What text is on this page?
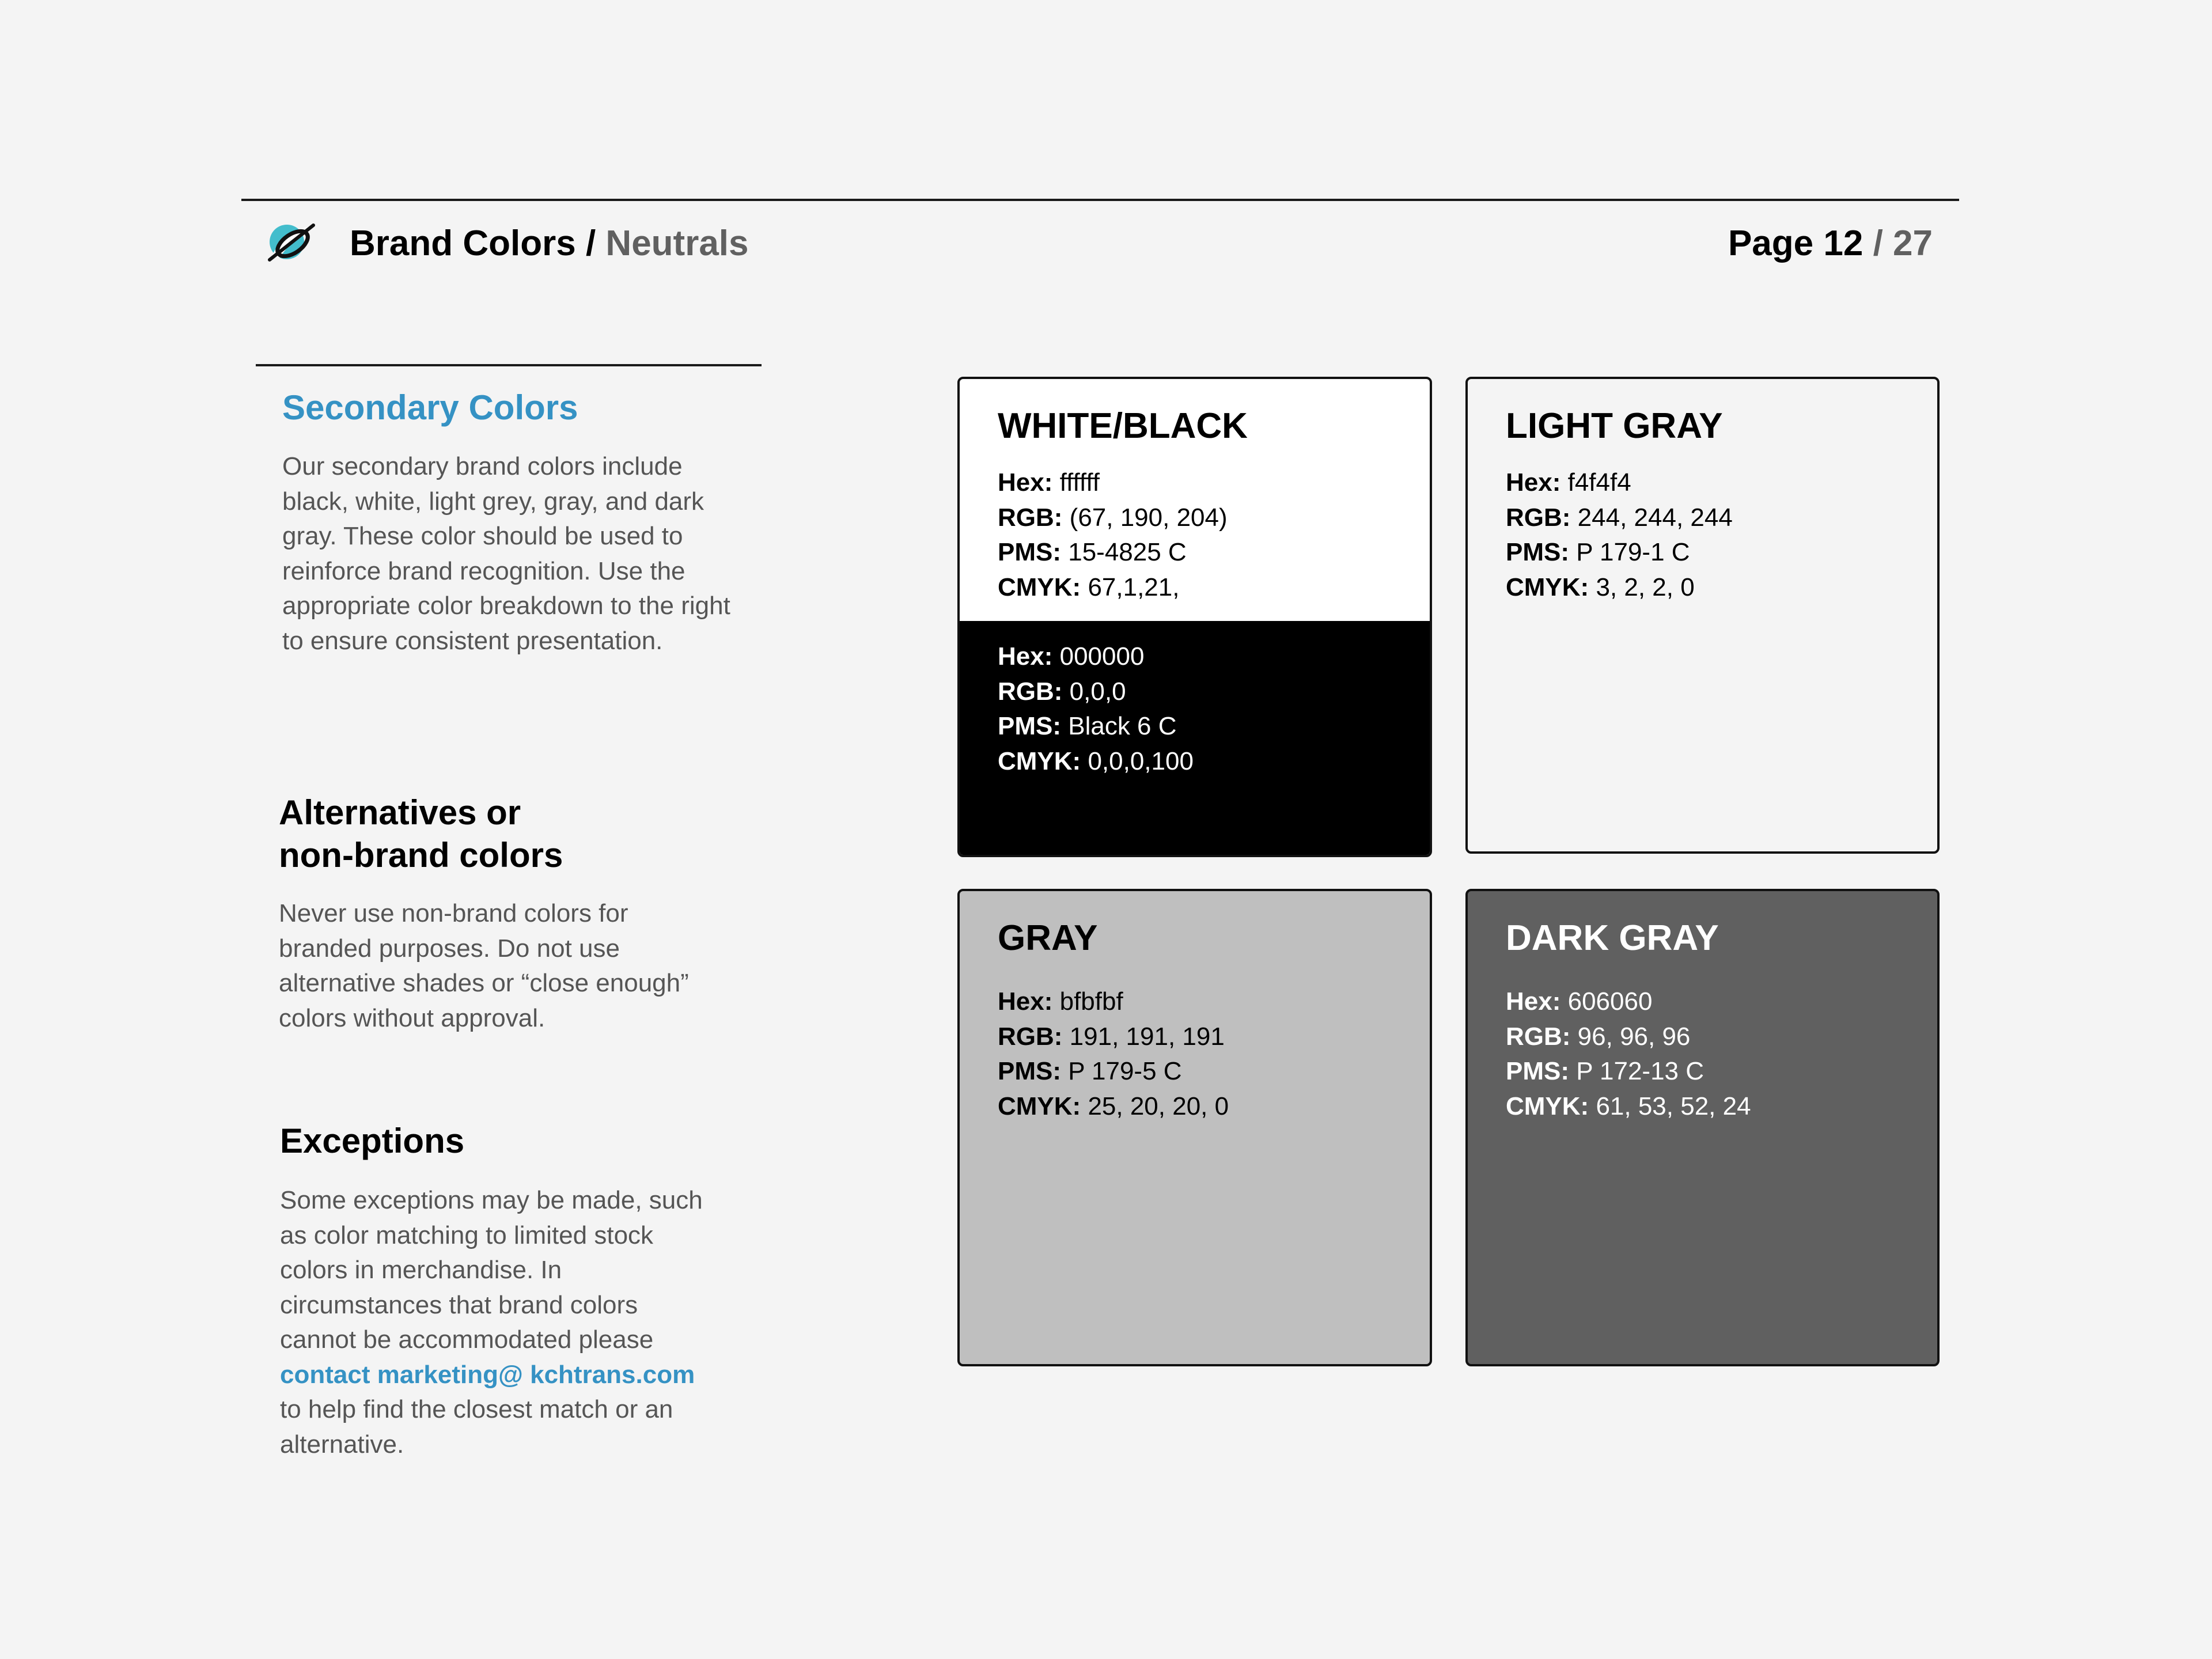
Brand Colors / Neutrals	Page 12 / 27
Secondary Colors
Our secondary brand colors include black, white, light grey, gray, and dark gray. These color should be used to reinforce brand recognition. Use the appropriate color breakdown to the right to ensure consistent presentation.
Alternatives or
non-brand colors
Never use non-brand colors for branded purposes. Do not use alternative shades or “close enough” colors without approval.
Exceptions
Some exceptions may be made, such as color matching to limited stock colors in merchandise. In circumstances that brand colors cannot be accommodated please contact marketing@ kchtrans.com to help find the closest match or an alternative.
WHITE/BLACK
Hex: ffffff
RGB: (67, 190, 204)
PMS: 15-4825 C
CMYK: 67,1,21,
Hex: 000000
RGB: 0,0,0
PMS: Black 6 C
CMYK: 0,0,0,100
LIGHT GRAY
Hex: f4f4f4
RGB: 244, 244, 244
PMS: P 179-1 C
CMYK: 3, 2, 2, 0
GRAY
Hex: bfbfbf
RGB: 191, 191, 191
PMS: P 179-5 C
CMYK: 25, 20, 20, 0
DARK GRAY
Hex: 606060
RGB: 96, 96, 96
PMS: P 172-13 C
CMYK: 61, 53, 52, 24
